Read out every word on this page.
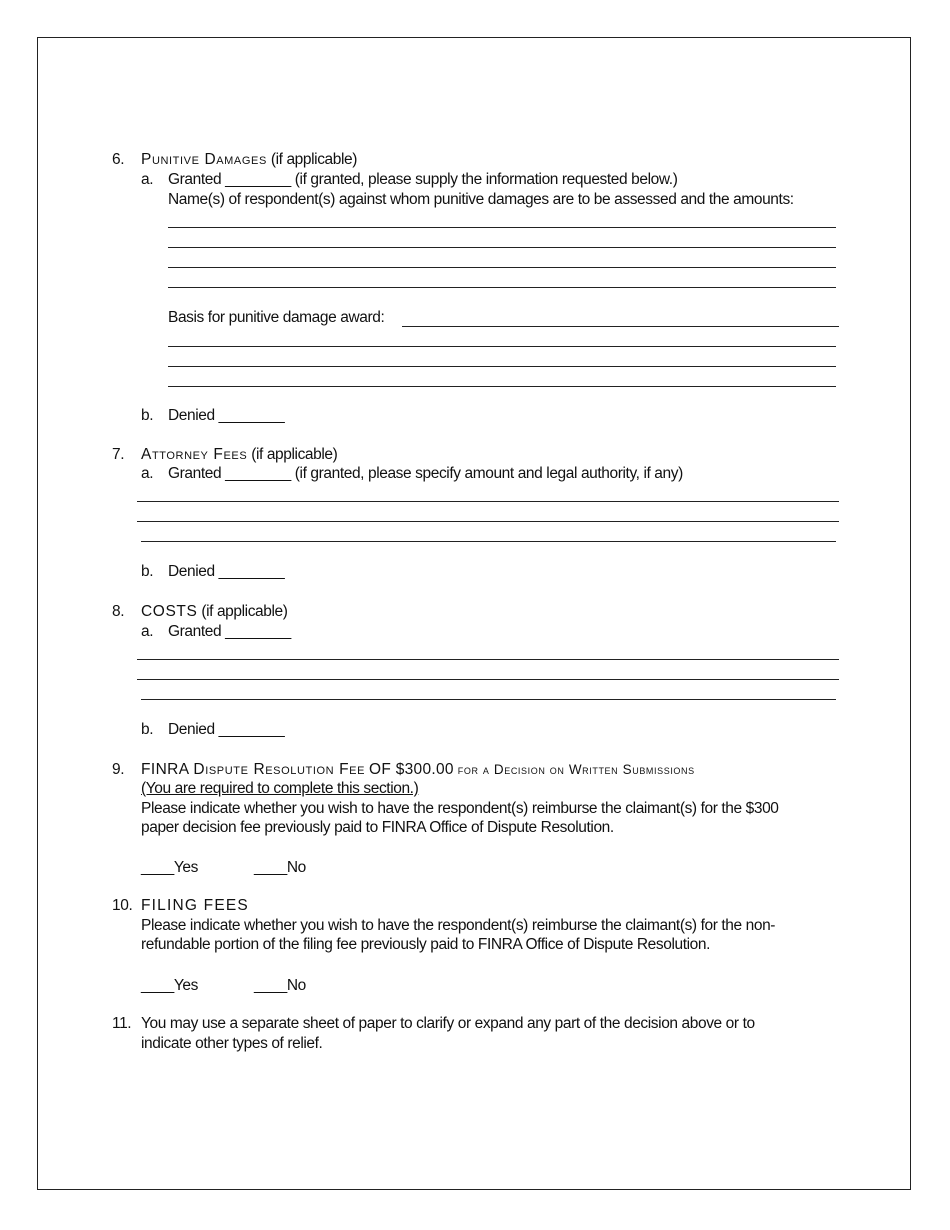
6. Punitive Damages (if applicable)
a. Granted ________ (if granted, please supply the information requested below.)
Name(s) of respondent(s) against whom punitive damages are to be assessed and the amounts:
Basis for punitive damage award:
b. Denied ________
7. Attorney Fees (if applicable)
a. Granted ________ (if granted, please specify amount and legal authority, if any)
b. Denied ________
8. COSTS (if applicable)
a. Granted ________
b. Denied ________
9. FINRA Dispute Resolution Fee OF $300.00 for a Decision on Written Submissions
(You are required to complete this section.)
Please indicate whether you wish to have the respondent(s) reimburse the claimant(s) for the $300
paper decision fee previously paid to FINRA Office of Dispute Resolution.
____Yes	____No
10. FILING FEES
Please indicate whether you wish to have the respondent(s) reimburse the claimant(s) for the non-
refundable portion of the filing fee previously paid to FINRA Office of Dispute Resolution.
____Yes	____No
11. You may use a separate sheet of paper to clarify or expand any part of the decision above or to
indicate other types of relief.
